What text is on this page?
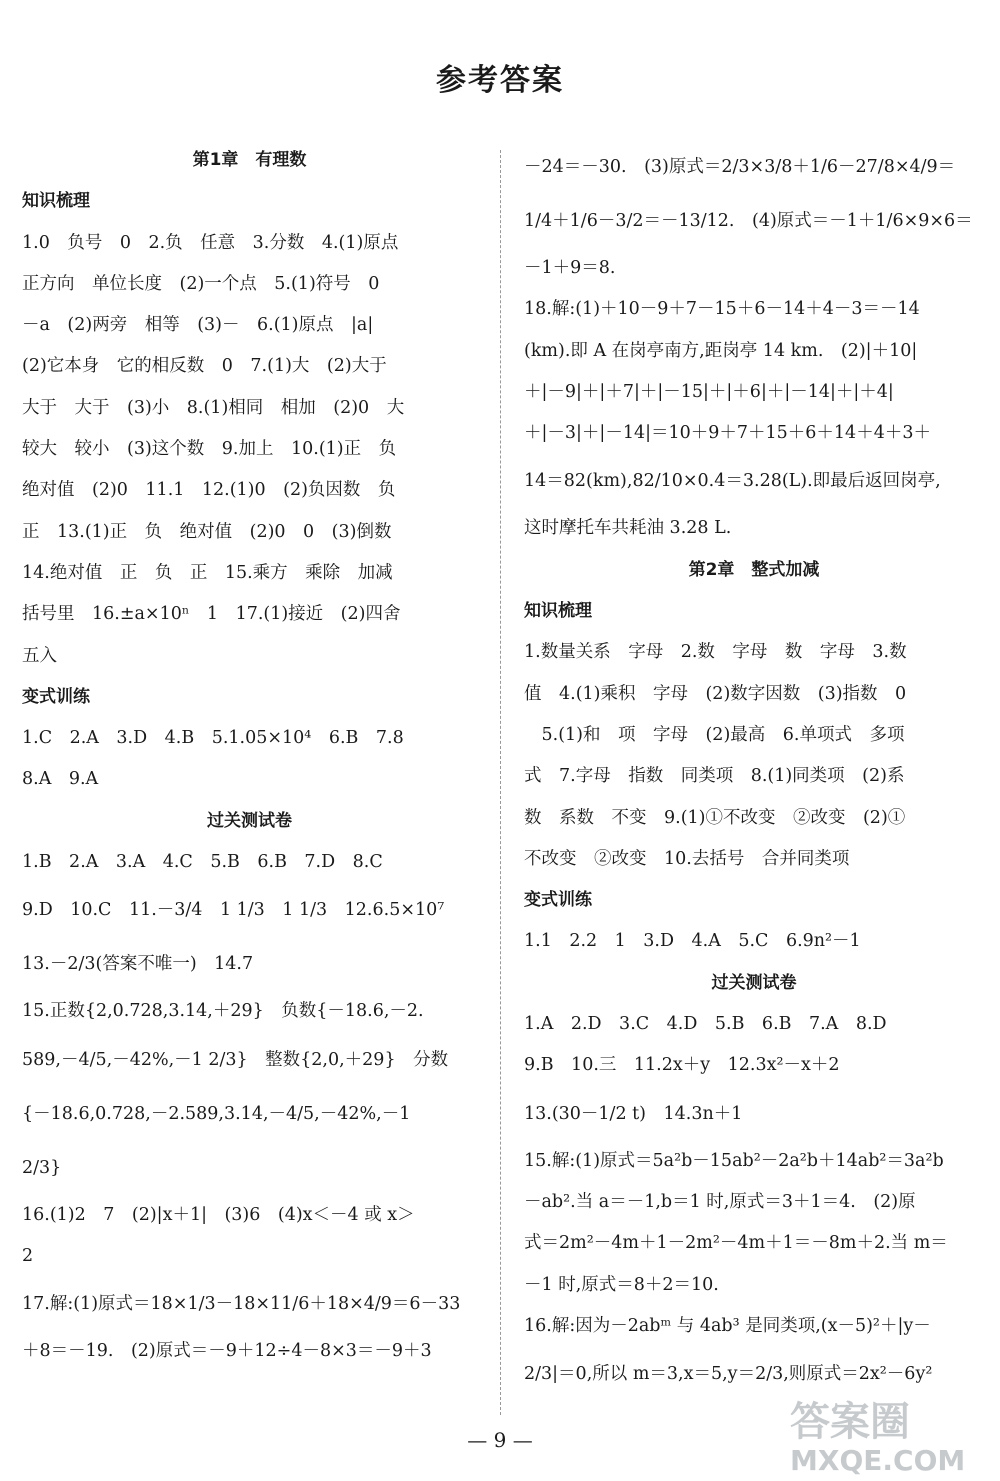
参考答案
第1章　有理数
知识梳理
1.0　负号　0　2.负　任意　3.分数　4.(1)原点
正方向　单位长度　(2)一个点　5.(1)符号　0
－a　(2)两旁　相等　(3)－　6.(1)原点　|a|
(2)它本身　它的相反数　0　7.(1)大　(2)大于
大于　大于　(3)小　8.(1)相同　相加　(2)0　大
较大　较小　(3)这个数　9.加上　10.(1)正　负
绝对值　(2)0　11.1　12.(1)0　(2)负因数　负
正　13.(1)正　负　绝对值　(2)0　0　(3)倒数
14.绝对值　正　负　正　15.乘方　乘除　加减
括号里　16.±a×10ⁿ　1　17.(1)接近　(2)四舍
五入
变式训练
1.C　2.A　3.D　4.B　5.1.05×10⁴　6.B　7.8
8.A　9.A
过关测试卷
1.B　2.A　3.A　4.C　5.B　6.B　7.D　8.C
9.D　10.C　11.－3/4　1 1/3　1 1/3　12.6.5×10⁷
13.－2/3(答案不唯一)　14.7
15.正数{2,0.728,3.14,＋29}　负数{－18.6,－2.
589,－4/5,－42%,－1 2/3}　整数{2,0,＋29}　分数
{－18.6,0.728,－2.589,3.14,－4/5,－42%,－1
2/3}
16.(1)2　7　(2)|x＋1|　(3)6　(4)x＜－4 或 x＞
2
17.解:(1)原式＝18×1/3－18×11/6＋18×4/9＝6－33
＋8＝－19.　(2)原式＝－9＋12÷4－8×3＝－9＋3
－24＝－30.　(3)原式＝2/3×3/8＋1/6－27/8×4/9＝
1/4＋1/6－3/2＝－13/12.　(4)原式＝－1＋1/6×9×6＝
－1＋9＝8.
18.解:(1)＋10－9＋7－15＋6－14＋4－3＝－14
(km).即 A 在岗亭南方,距岗亭 14 km.　(2)|＋10|
＋|－9|＋|＋7|＋|－15|＋|＋6|＋|－14|＋|＋4|
＋|－3|＋|－14|＝10＋9＋7＋15＋6＋14＋4＋3＋
14＝82(km),82/10×0.4＝3.28(L).即最后返回岗亭,
这时摩托车共耗油 3.28 L.
第2章　整式加减
知识梳理
1.数量关系　字母　2.数　字母　数　字母　3.数
值　4.(1)乘积　字母　(2)数字因数　(3)指数　0
　5.(1)和　项　字母　(2)最高　6.单项式　多项
式　7.字母　指数　同类项　8.(1)同类项　(2)系
数　系数　不变　9.(1)①不改变　②改变　(2)①
不改变　②改变　10.去括号　合并同类项
变式训练
1.1　2.2　1　3.D　4.A　5.C　6.9n²－1
过关测试卷
1.A　2.D　3.C　4.D　5.B　6.B　7.A　8.D
9.B　10.三　11.2x＋y　12.3x²－x＋2
13.(30－1/2 t)　14.3n＋1
15.解:(1)原式＝5a²b－15ab²－2a²b＋14ab²＝3a²b
－ab².当 a＝－1,b＝1 时,原式＝3＋1＝4.　(2)原
式＝2m²－4m＋1－2m²－4m＋1＝－8m＋2.当 m＝
－1 时,原式＝8＋2＝10.
16.解:因为－2abᵐ 与 4ab³ 是同类项,(x－5)²＋|y－
2/3|＝0,所以 m＝3,x＝5,y＝2/3,则原式＝2x²－6y²
— 9 —	答案圈
MXQE.COM
